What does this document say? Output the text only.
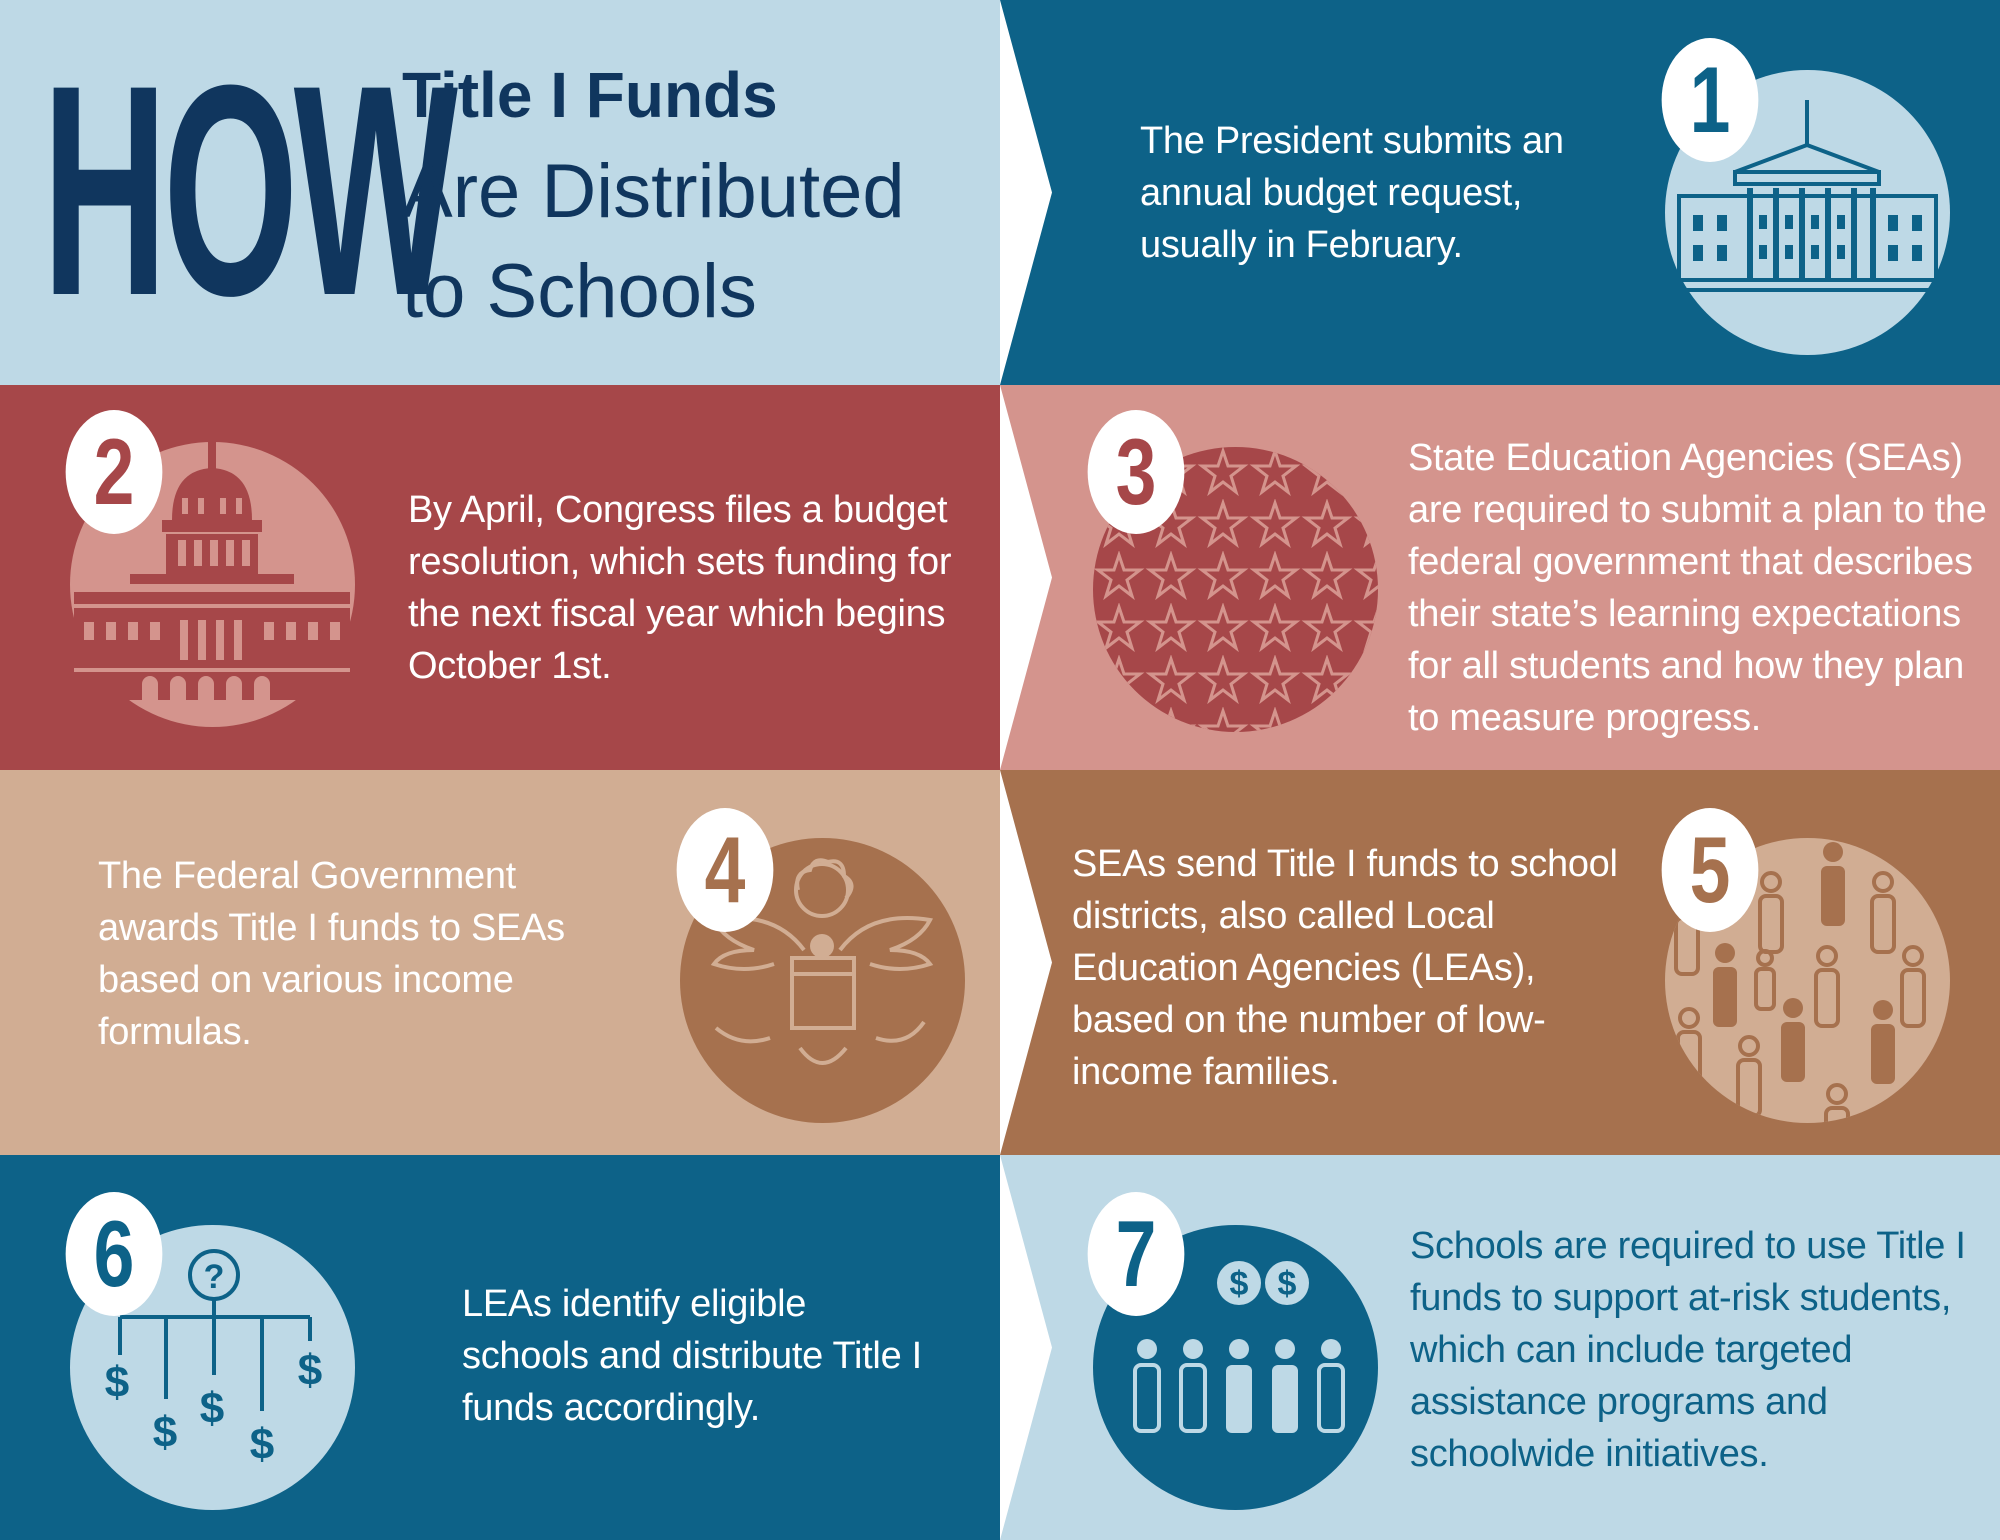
HOW
Title I Funds
Are Distributed
to Schools

The President submits an annual budget request, usually in February.

1
2	By April, Congress files a budget resolution, which sets funding for the next fiscal year which begins October 1st.

3	State Education Agencies (SEAs) are required to submit a plan to the federal government that describes their state’s learning expectations for all students and how they plan to measure progress.

The Federal Government awards Title I funds to SEAs based on various income formulas.

4	SEAs send Title I funds to school districts, also called Local Education Agencies (LEAs), based on the number of low-income families.

5
?
$
$ $
$
$
6	LEAs identify eligible schools and distribute Title I funds accordingly.

$ $
7	Schools are required to use Title I funds to support at-risk students, which can include targeted assistance programs and schoolwide initiatives.
